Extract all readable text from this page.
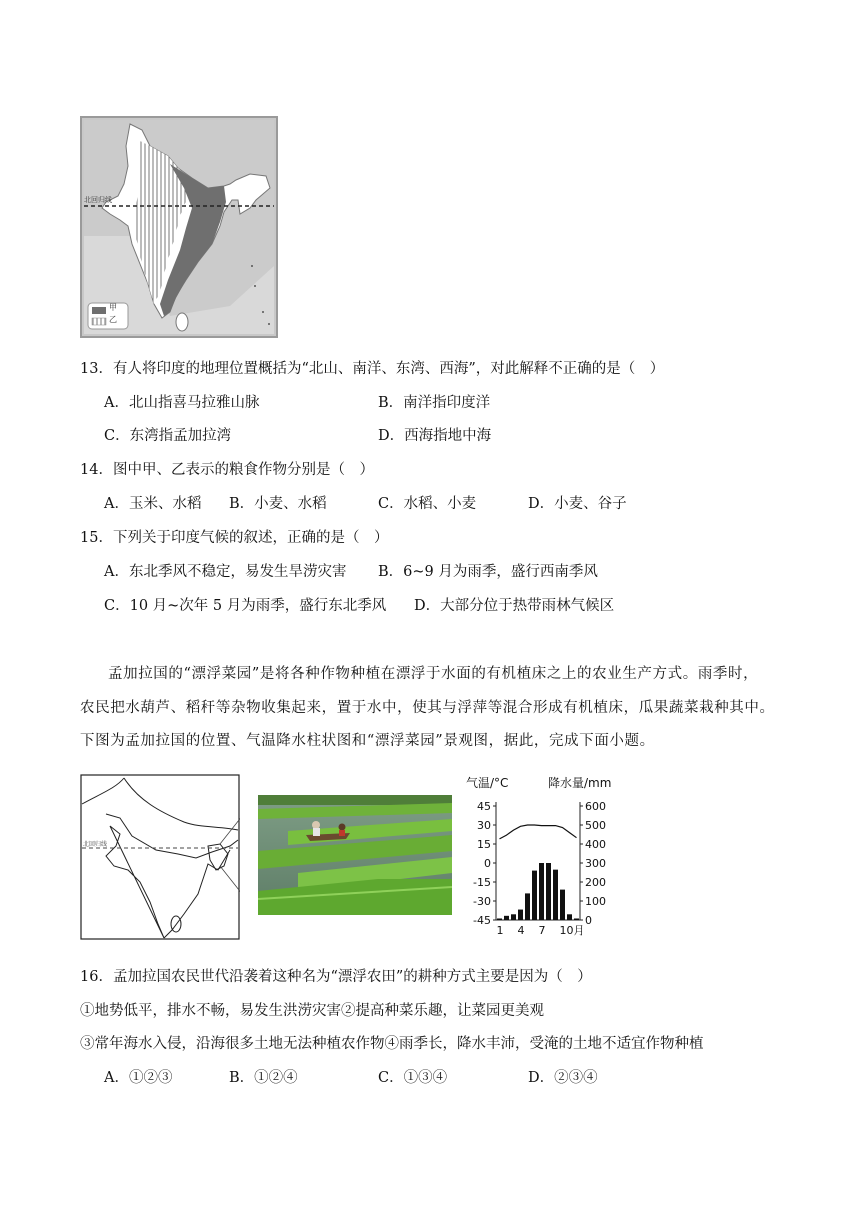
北回归线
甲
乙
13．有人将印度的地理位置概括为“北山、南洋、东湾、西海”，对此解释不正确的是（　）
A．北山指喜马拉雅山脉	B．南洋指印度洋
C．东湾指孟加拉湾	D．西海指地中海
14．图中甲、乙表示的粮食作物分别是（　）
A．玉米、水稻 B．小麦、水稻	C．水稻、小麦	D．小麦、谷子
15．下列关于印度气候的叙述，正确的是（　）
A．东北季风不稳定，易发生旱涝灾害 B．6~9 月为雨季，盛行西南季风
C．10 月~次年 5 月为雨季，盛行东北季风 D．大部分位于热带雨林气候区
孟加拉国的“漂浮菜园”是将各种作物种植在漂浮于水面的有机植床之上的农业生产方式。雨季时，
农民把水葫芦、稻秆等杂物收集起来，置于水中，使其与浮萍等混合形成有机植床，瓜果蔬菜栽种其中。
下图为孟加拉国的位置、气温降水柱状图和“漂浮菜园”景观图，据此，完成下面小题。
北回归线
气温/°C	降水量/mm
45
30
15
0
-15
-30
-45
600
500
400
300
200
100
0
1 4 7 10月
16．孟加拉国农民世代沿袭着这种名为“漂浮农田”的耕种方式主要是因为（　）
①地势低平，排水不畅，易发生洪涝灾害②提高种菜乐趣，让菜园更美观
③常年海水入侵，沿海很多土地无法种植农作物④雨季长，降水丰沛，受淹的土地不适宜作物种植
A．①②③	B．①②④	C．①③④	D．②③④
